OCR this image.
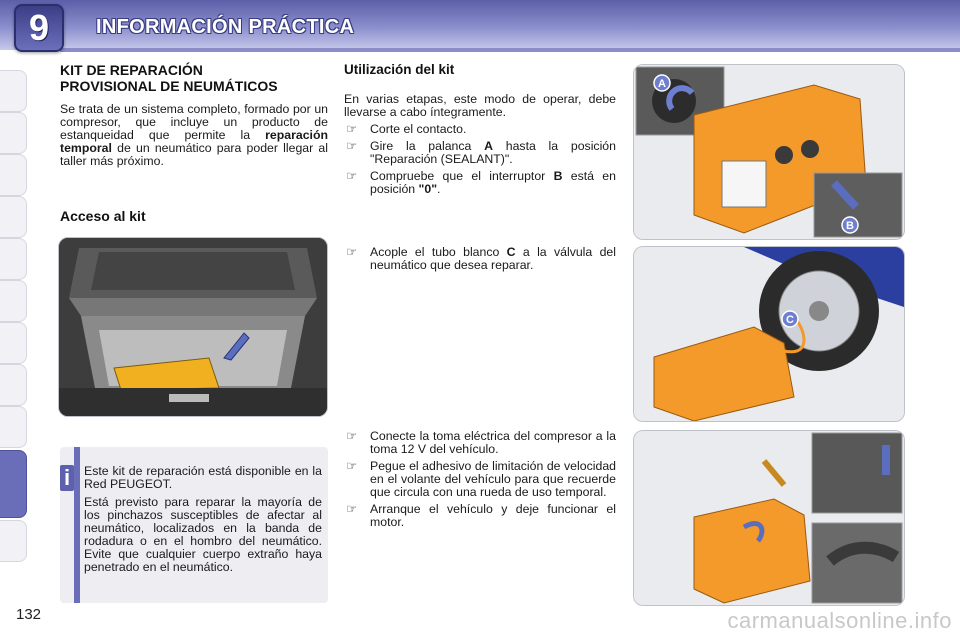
9	INFORMACIÓN PRÁCTICA
KIT DE REPARACIÓN
PROVISIONAL DE NEUMÁTICOS

Se trata de un sistema completo, formado por un compresor, que incluye un producto de estanqueidad que permite la reparación temporal de un neumático para poder llegar al taller más próximo.

Acceso al kit
i	Este kit de reparación está disponible en la Red PEUGEOT.

Está previsto para reparar la mayoría de los pinchazos susceptibles de afectar al neumático, localizados en la banda de rodadura o en el hombro del neumático. Evite que cualquier cuerpo extraño haya penetrado en el neumático.

Utilización del kit

En varias etapas, este modo de operar, debe llevarse a cabo íntegramente.

☞	Corte el contacto.
☞	Gire la palanca A hasta la posición "Reparación (SEALANT)".
☞	Compruebe que el interruptor B está en posición "0".
☞	Acople el tubo blanco C a la válvula del neumático que desea reparar.
☞	Conecte la toma eléctrica del compresor a la toma 12 V del vehículo.
☞	Pegue el adhesivo de limitación de velocidad en el volante del vehículo para que recuerde que circula con una rueda de uso temporal.
☞	Arranque el vehículo y deje funcionar el motor.
A
B
C
132	carmanualsonline.info
